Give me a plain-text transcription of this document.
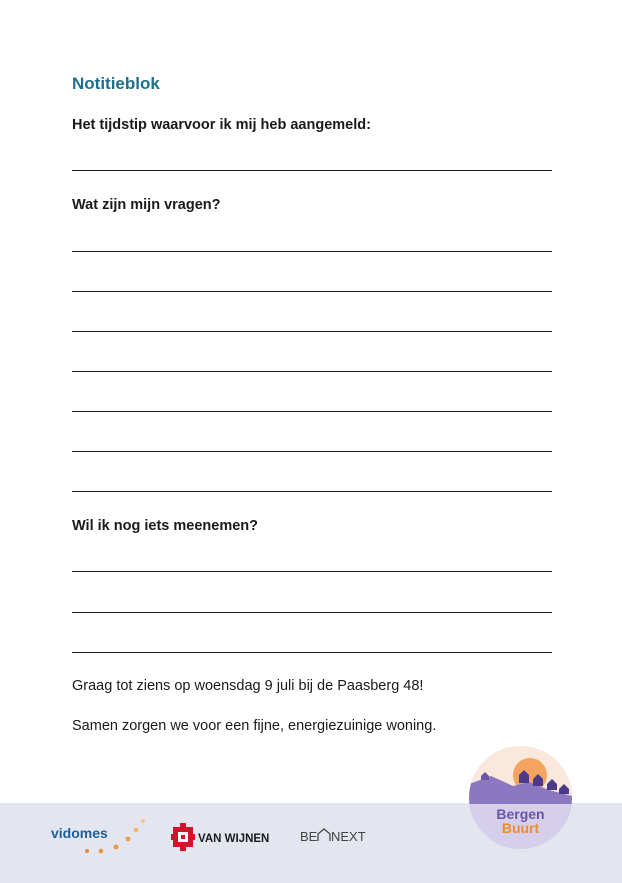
Notitieblok
Het tijdstip waarvoor ik mij heb aangemeld:
Wat zijn mijn vragen?
Wil ik nog iets meenemen?
Graag tot ziens op woensdag 9 juli bij de Paasberg 48!
Samen zorgen we voor een fijne, energiezuinige woning.
vidomes	VAN WIJNEN BE NEXT
Bergen
Buurt
